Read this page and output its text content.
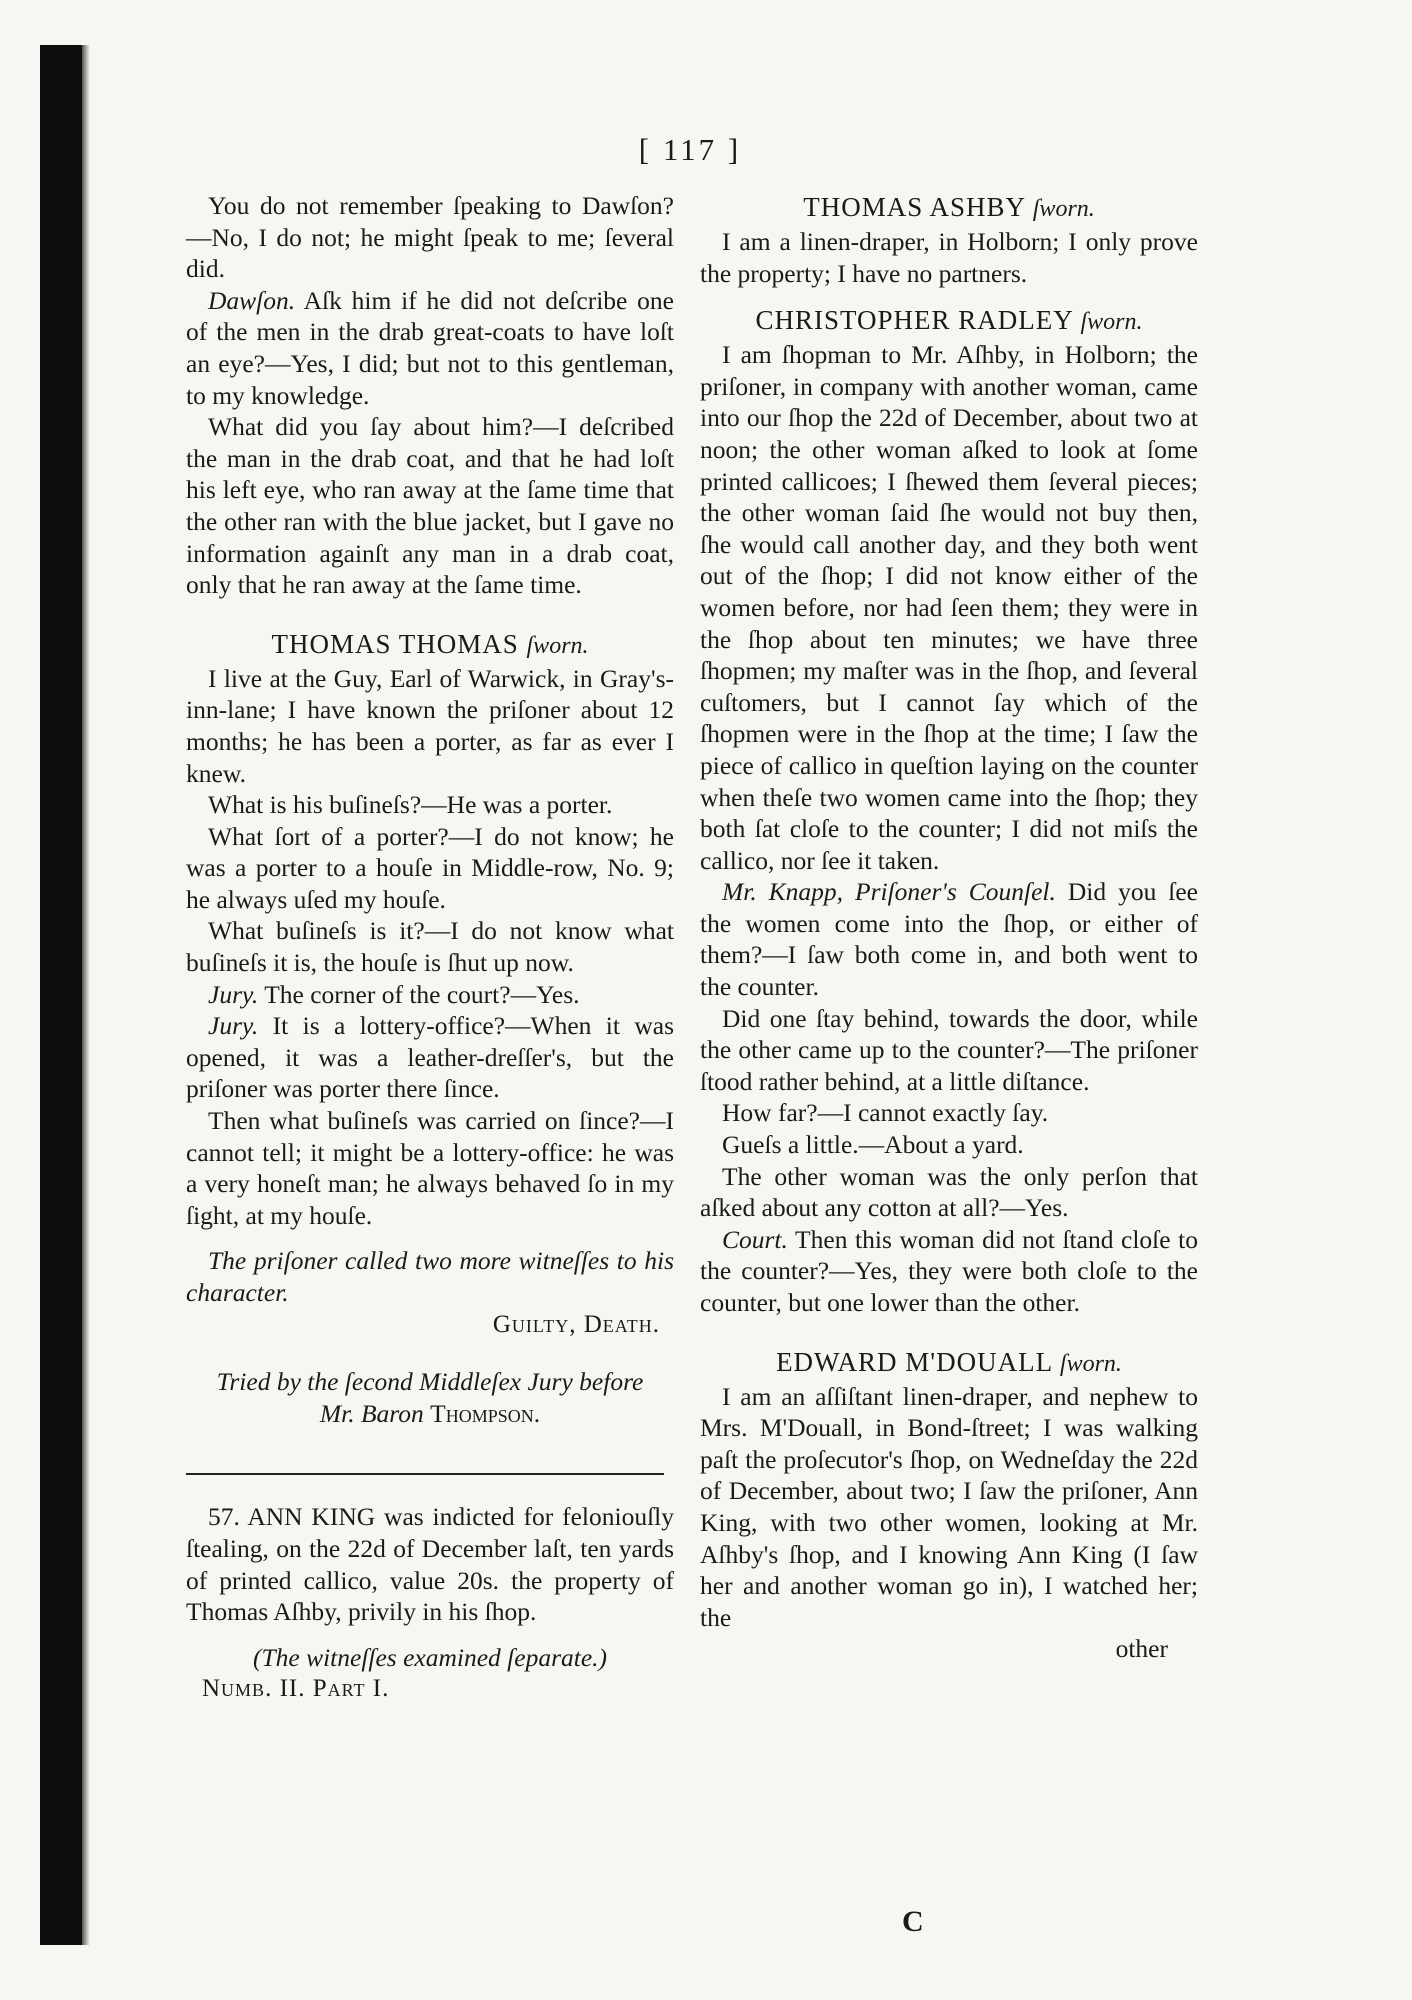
[ 117 ]

You do not remember ſpeaking to Dawſon?—No, I do not; he might ſpeak to me; ſeveral did.

Dawſon. Aſk him if he did not deſcribe one of the men in the drab great-coats to have loſt an eye?—Yes, I did; but not to this gentleman, to my knowledge.

What did you ſay about him?—I deſcribed the man in the drab coat, and that he had loſt his left eye, who ran away at the ſame time that the other ran with the blue jacket, but I gave no information againſt any man in a drab coat, only that he ran away at the ſame time.

THOMAS THOMAS ſworn.

I live at the Guy, Earl of Warwick, in Gray's-inn-lane; I have known the priſoner about 12 months; he has been a porter, as far as ever I knew.

What is his buſineſs?—He was a porter.

What ſort of a porter?—I do not know; he was a porter to a houſe in Middle-row, No. 9; he always uſed my houſe.

What buſineſs is it?—I do not know what buſineſs it is, the houſe is ſhut up now.

Jury. The corner of the court?—Yes.

Jury. It is a lottery-office?—When it was opened, it was a leather-dreſſer's, but the priſoner was porter there ſince.

Then what buſineſs was carried on ſince?—I cannot tell; it might be a lottery-office: he was a very honeſt man; he always behaved ſo in my ſight, at my houſe.

The priſoner called two more witneſſes to his character.

Guilty, Death.
Tried by the ſecond Middleſex Jury before
Mr. Baron Thompson.

57. ANN KING was indicted for feloniouſly ſtealing, on the 22d of December laſt, ten yards of printed callico, value 20s. the property of Thomas Aſhby, privily in his ſhop.

(The witneſſes examined ſeparate.)
Numb. II. Part I.
THOMAS ASHBY ſworn.

I am a linen-draper, in Holborn; I only prove the property; I have no partners.

CHRISTOPHER RADLEY ſworn.

I am ſhopman to Mr. Aſhby, in Holborn; the priſoner, in company with another woman, came into our ſhop the 22d of December, about two at noon; the other woman aſked to look at ſome printed callicoes; I ſhewed them ſeveral pieces; the other woman ſaid ſhe would not buy then, ſhe would call another day, and they both went out of the ſhop; I did not know either of the women before, nor had ſeen them; they were in the ſhop about ten minutes; we have three ſhopmen; my maſter was in the ſhop, and ſeveral cuſtomers, but I cannot ſay which of the ſhopmen were in the ſhop at the time; I ſaw the piece of callico in queſtion laying on the counter when theſe two women came into the ſhop; they both ſat cloſe to the counter; I did not miſs the callico, nor ſee it taken.

Mr. Knapp, Priſoner's Counſel. Did you ſee the women come into the ſhop, or either of them?—I ſaw both come in, and both went to the counter.

Did one ſtay behind, towards the door, while the other came up to the counter?—The priſoner ſtood rather behind, at a little diſtance.

How far?—I cannot exactly ſay.

Gueſs a little.—About a yard.

The other woman was the only perſon that aſked about any cotton at all?—Yes.

Court. Then this woman did not ſtand cloſe to the counter?—Yes, they were both cloſe to the counter, but one lower than the other.

EDWARD M'DOUALL ſworn.

I am an aſſiſtant linen-draper, and nephew to Mrs. M'Douall, in Bond-ſtreet; I was walking paſt the proſecutor's ſhop, on Wedneſday the 22d of December, about two; I ſaw the priſoner, Ann King, with two other women, looking at Mr. Aſhby's ſhop, and I knowing Ann King (I ſaw her and another woman go in), I watched her; the

other
C
